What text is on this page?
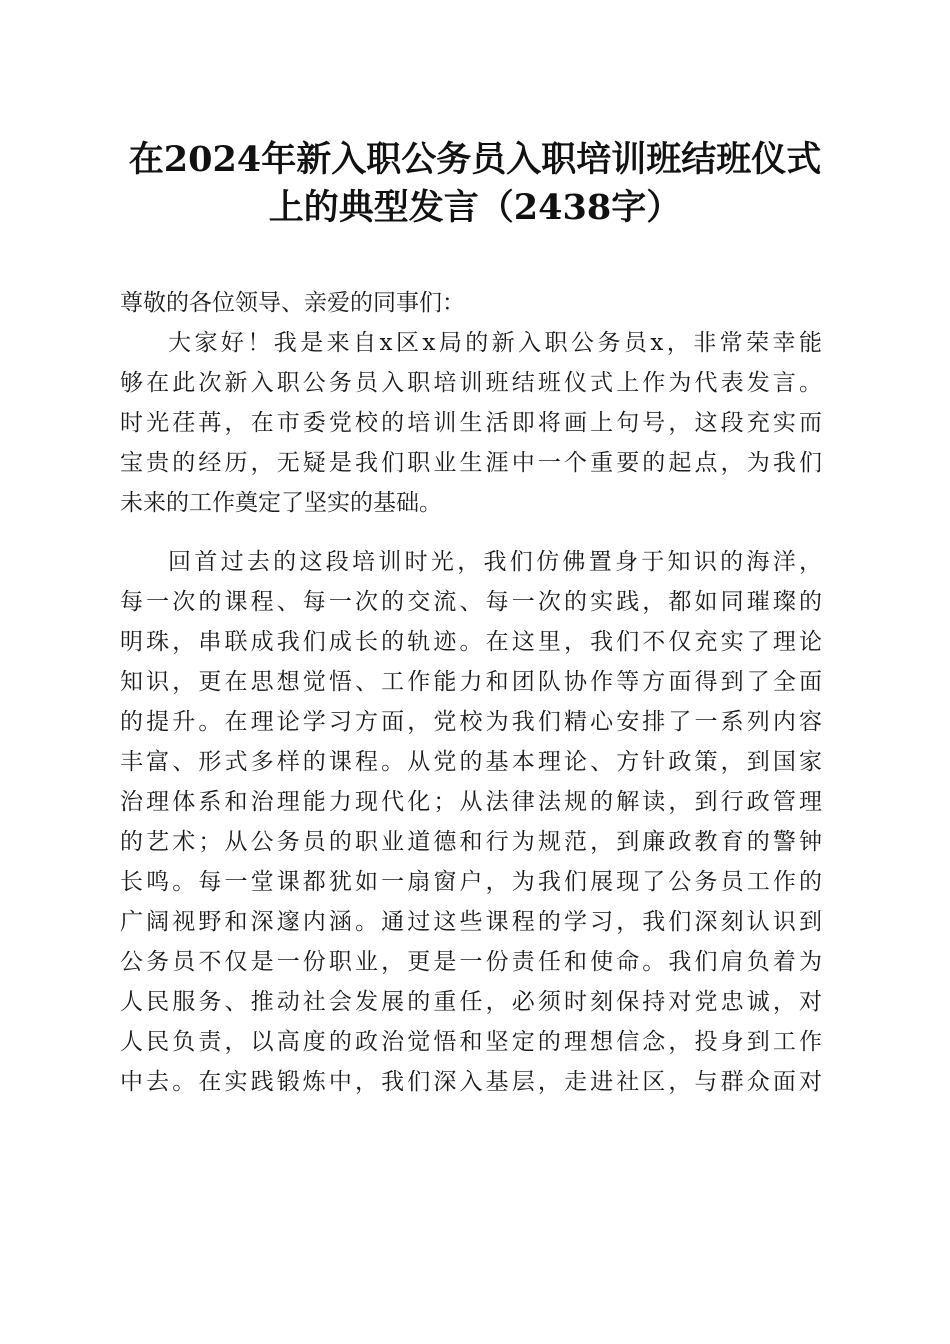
在2024年新入职公务员入职培训班结班仪式
上的典型发言（2438字）
尊敬的各位领导、亲爱的同事们：
大家好！我是来自x区x局的新入职公务员x，非常荣幸能
够在此次新入职公务员入职培训班结班仪式上作为代表发言。
时光荏苒，在市委党校的培训生活即将画上句号，这段充实而
宝贵的经历，无疑是我们职业生涯中一个重要的起点，为我们
未来的工作奠定了坚实的基础。
回首过去的这段培训时光，我们仿佛置身于知识的海洋，
每一次的课程、每一次的交流、每一次的实践，都如同璀璨的
明珠，串联成我们成长的轨迹。在这里，我们不仅充实了理论
知识，更在思想觉悟、工作能力和团队协作等方面得到了全面
的提升。在理论学习方面，党校为我们精心安排了一系列内容
丰富、形式多样的课程。从党的基本理论、方针政策，到国家
治理体系和治理能力现代化；从法律法规的解读，到行政管理
的艺术；从公务员的职业道德和行为规范，到廉政教育的警钟
长鸣。每一堂课都犹如一扇窗户，为我们展现了公务员工作的
广阔视野和深邃内涵。通过这些课程的学习，我们深刻认识到
公务员不仅是一份职业，更是一份责任和使命。我们肩负着为
人民服务、推动社会发展的重任，必须时刻保持对党忠诚，对
人民负责，以高度的政治觉悟和坚定的理想信念，投身到工作
中去。在实践锻炼中，我们深入基层，走进社区，与群众面对
